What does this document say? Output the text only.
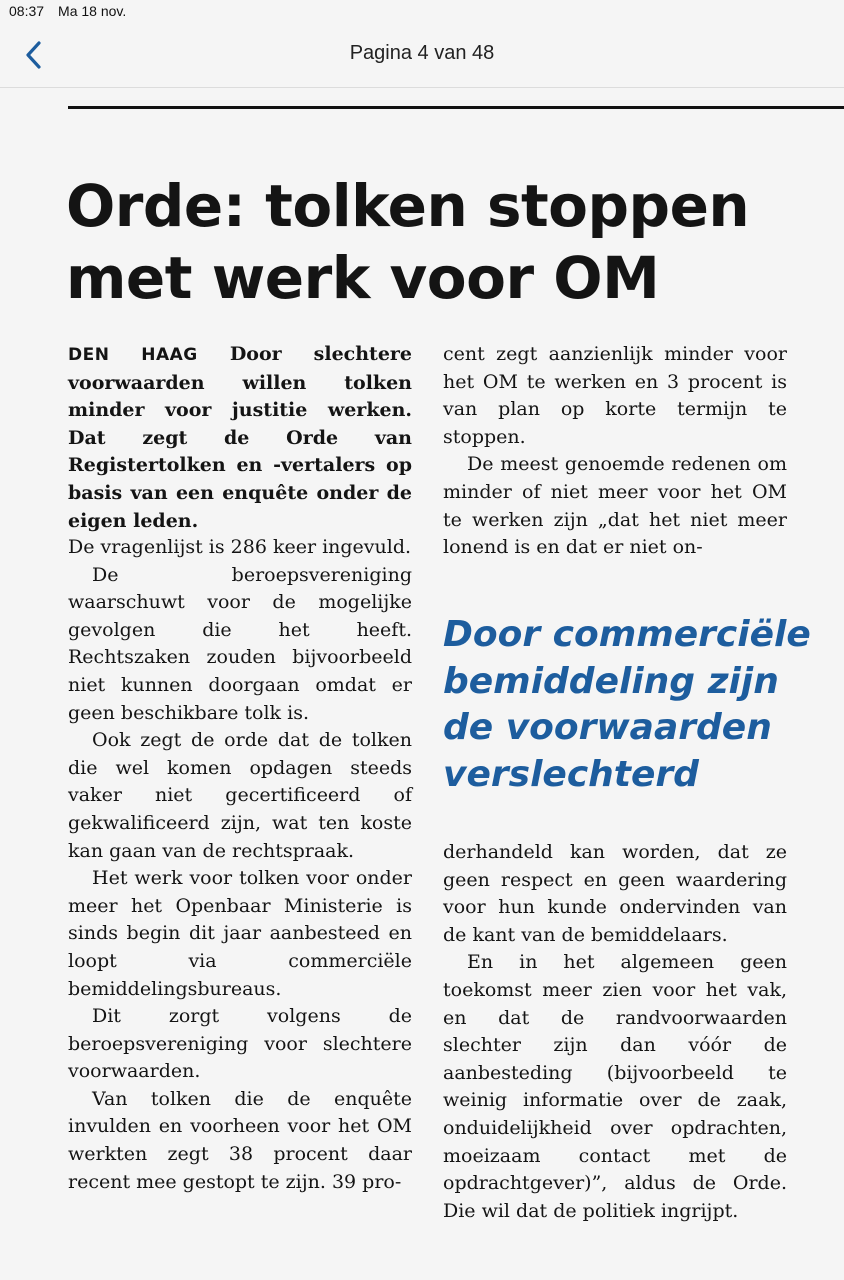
08:37 Ma 18 nov.
Pagina 4 van 48
Orde: tolken stoppen
met werk voor OM

DEN HAAG Door slechtere voorwaarden willen tolken minder voor justitie werken. Dat zegt de Orde van Registertolken en -vertalers op basis van een enquête onder de eigen leden.

De vragenlijst is 286 keer ingevuld.

De beroepsvereniging waarschuwt voor de mogelijke gevolgen die het heeft. Rechtszaken zouden bijvoorbeeld niet kunnen doorgaan omdat er geen beschikbare tolk is.

Ook zegt de orde dat de tolken die wel komen opdagen steeds vaker niet gecertificeerd of gekwalificeerd zijn, wat ten koste kan gaan van de rechtspraak.

Het werk voor tolken voor onder meer het Openbaar Ministerie is sinds begin dit jaar aanbesteed en loopt via commerciële bemiddelingsbureaus.

Dit zorgt volgens de beroepsvereniging voor slechtere voorwaarden.

Van tolken die de enquête invulden en voorheen voor het OM werkten zegt 38 procent daar recent mee gestopt te zijn. 39 pro-

cent zegt aanzienlijk minder voor het OM te werken en 3 procent is van plan op korte termijn te stoppen.

De meest genoemde redenen om minder of niet meer voor het OM te werken zijn „dat het niet meer lonend is en dat er niet on-

Door commerciële bemiddeling zijn de voorwaarden verslechterd

derhandeld kan worden, dat ze geen respect en geen waardering voor hun kunde ondervinden van de kant van de bemiddelaars.

En in het algemeen geen toekomst meer zien voor het vak, en dat de randvoorwaarden slechter zijn dan vóór de aanbesteding (bijvoorbeeld te weinig informatie over de zaak, onduidelijkheid over opdrachten, moeizaam contact met de opdrachtgever)”, aldus de Orde. Die wil dat de politiek ingrijpt.
